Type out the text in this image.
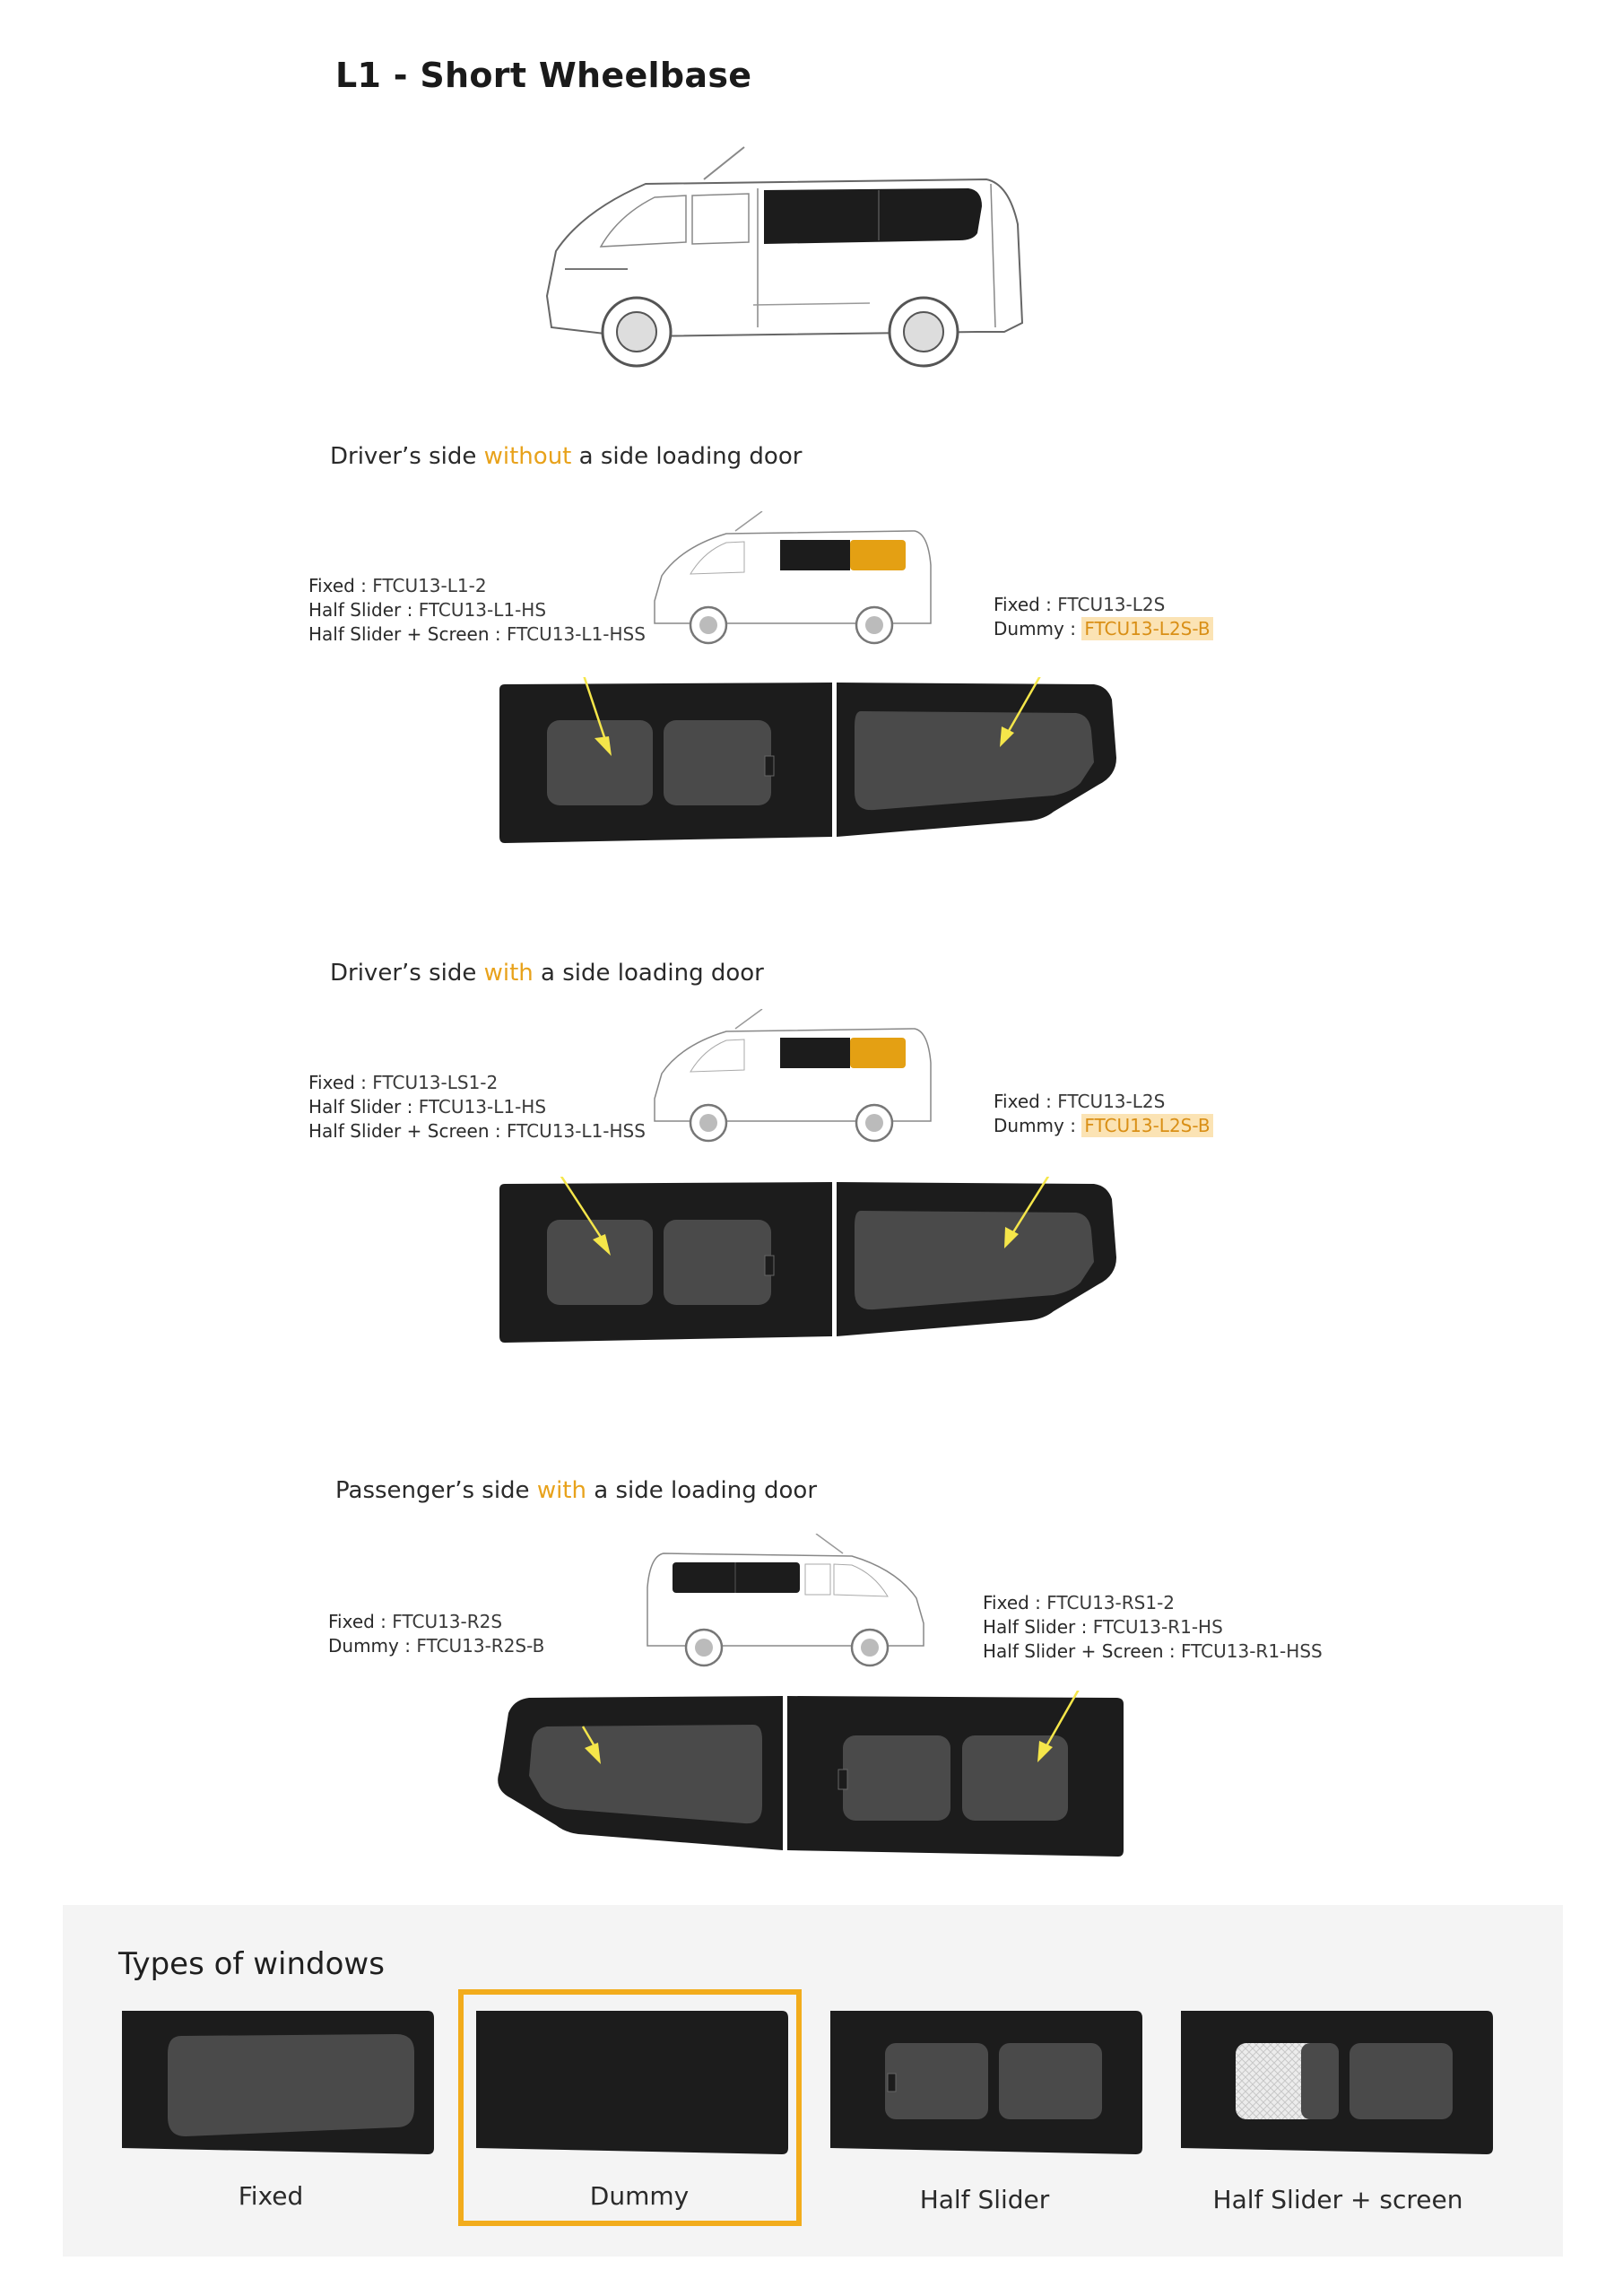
L1 - Short Wheelbase
Driver’s side without a side loading door
Fixed : FTCU13-L1-2
Half Slider : FTCU13-L1-HS
Half Slider + Screen : FTCU13-L1-HSS
Fixed : FTCU13-L2S
Dummy : FTCU13-L2S-B
Driver’s side with a side loading door
Fixed : FTCU13-LS1-2
Half Slider : FTCU13-L1-HS
Half Slider + Screen : FTCU13-L1-HSS
Fixed : FTCU13-L2S
Dummy : FTCU13-L2S-B
Passenger’s side with a side loading door
Fixed : FTCU13-R2S
Dummy : FTCU13-R2S-B
Fixed : FTCU13-RS1-2
Half Slider : FTCU13-R1-HS
Half Slider + Screen : FTCU13-R1-HSS
Types of windows
Fixed	Dummy	Half Slider	Half Slider + screen
